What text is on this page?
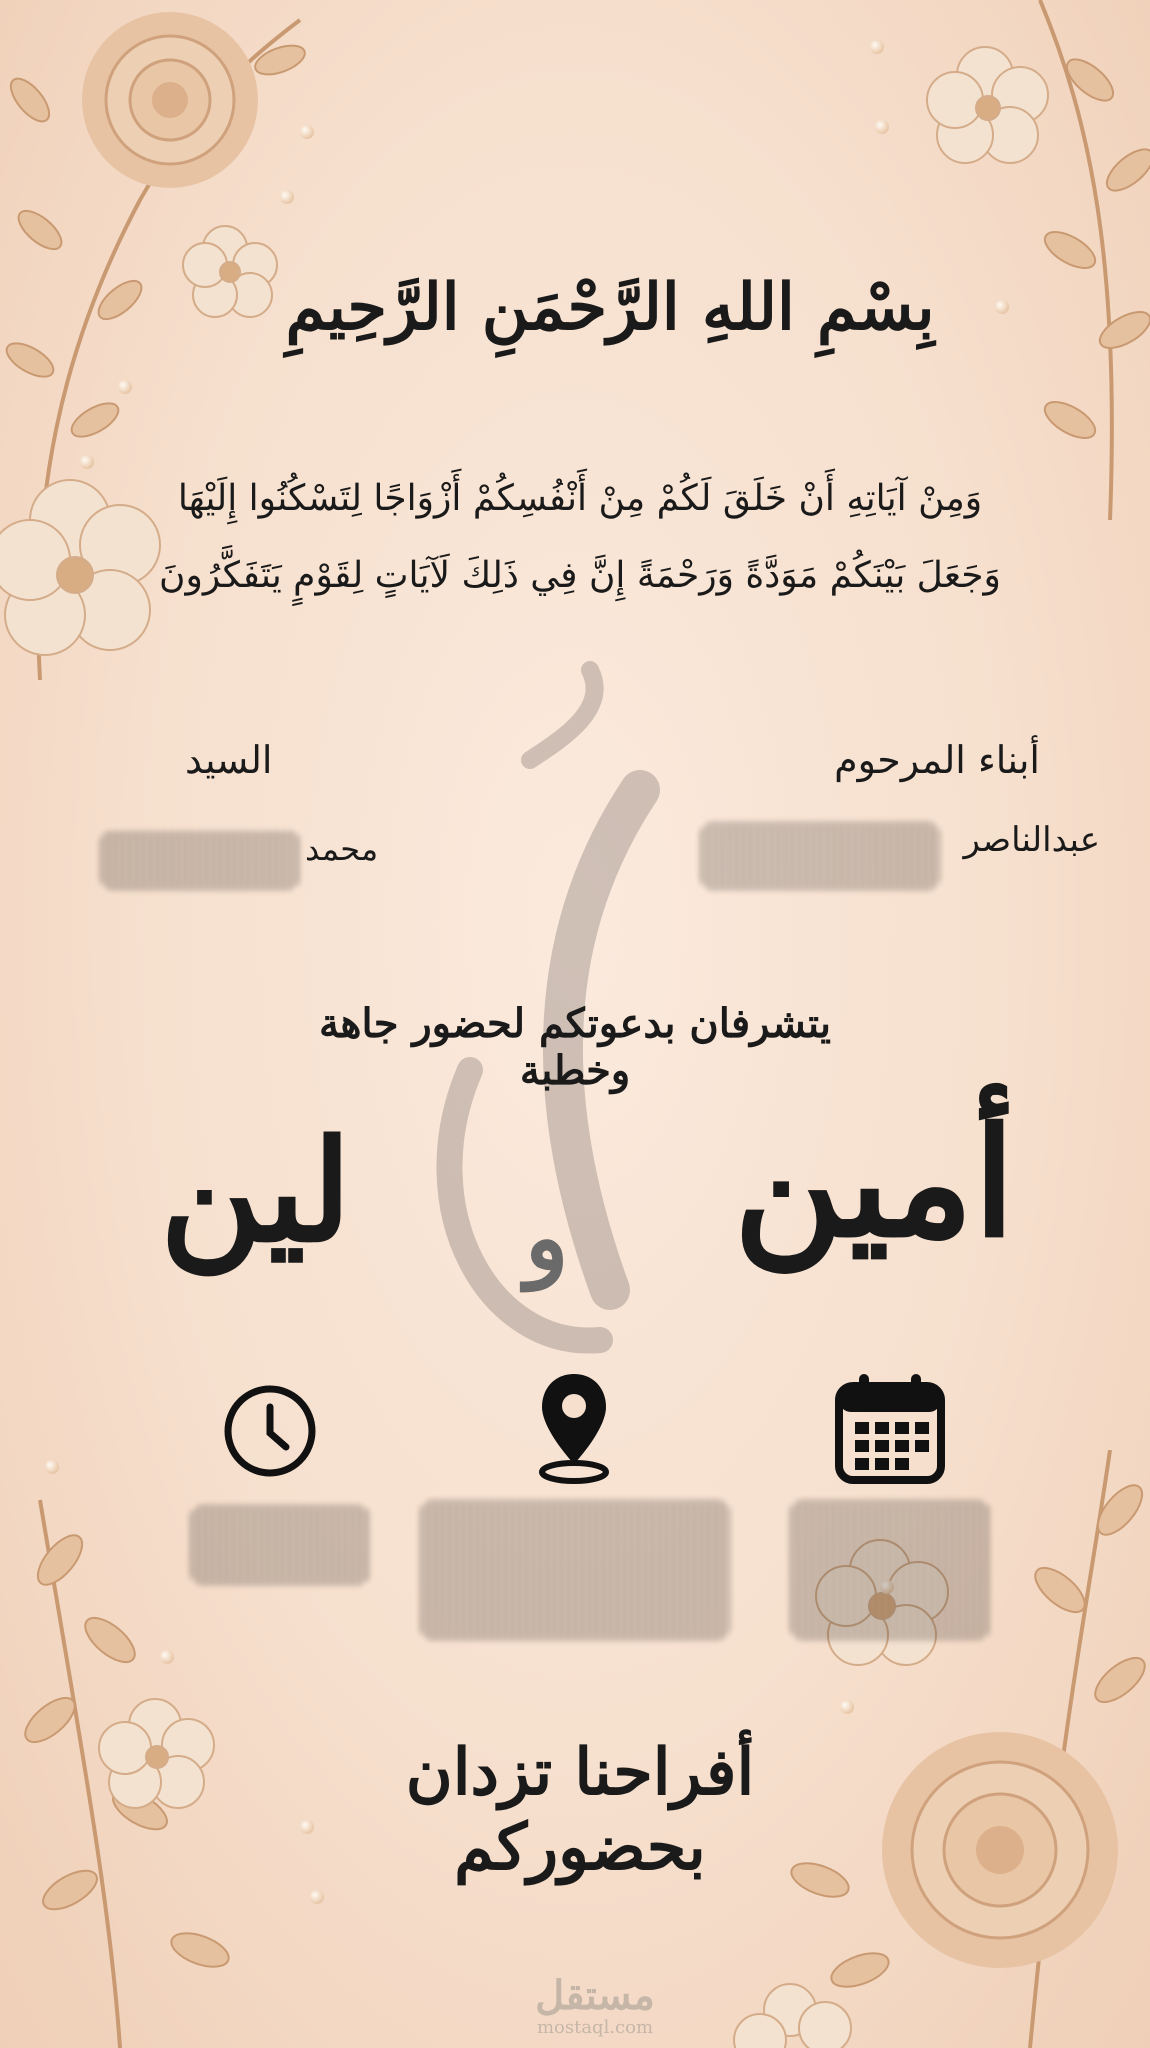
بِسْمِ اللهِ الرَّحْمَنِ الرَّحِيمِ
وَمِنْ آيَاتِهِ أَنْ خَلَقَ لَكُمْ مِنْ أَنْفُسِكُمْ أَزْوَاجًا لِتَسْكُنُوا إِلَيْهَا
وَجَعَلَ بَيْنَكُمْ مَوَدَّةً وَرَحْمَةً إِنَّ فِي ذَلِكَ لَآيَاتٍ لِقَوْمٍ يَتَفَكَّرُونَ
أبناء المرحوم
السيد
عبدالناصر
محمد
يتشرفان بدعوتكم لحضور جاهة وخطبة
أمين
و
لين
أفراحنا تزدان بحضوركم
مستقل
mostaql.com
